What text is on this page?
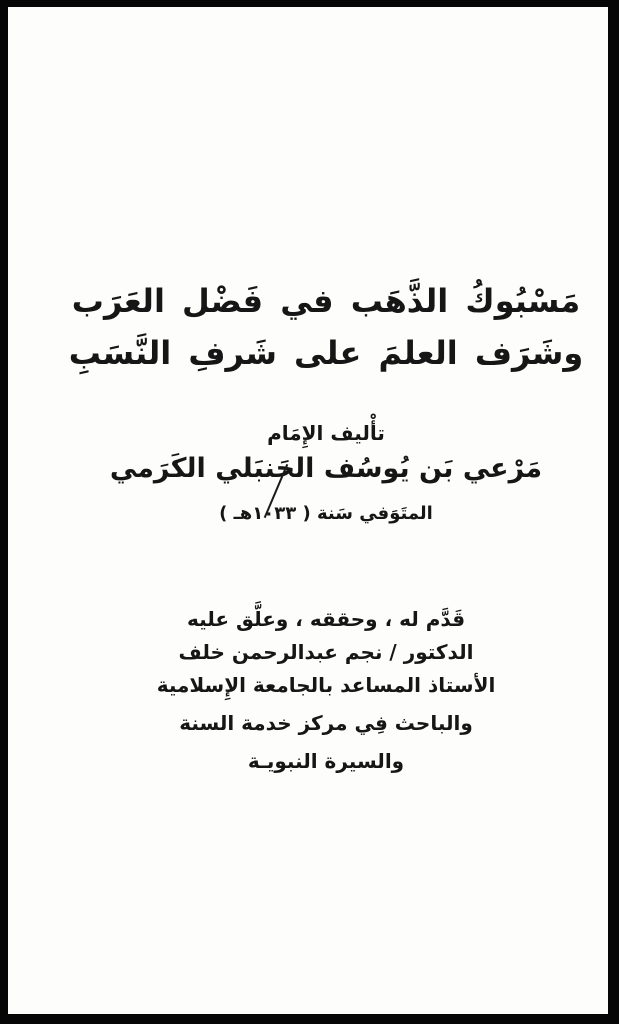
مَسْبُوكُ الذَّهَب في فَضْل العَرَب
وشَرَف العلمَ على شَرفِ النَّسَبِ
تأْليف الإِمَام
مَرْعي بَن يُوسُف الحَنبَلي الكَرَمي
المتَوَفي سَنة ( ١٠٣٣هـ )
قَدَّم له ، وحققه ، وعلَّق عليه
الدكتور / نجم عبدالرحمن خلف
الأستاذ المساعد بالجامعة الإِسلامية
والباحث فِي مركز خدمة السنة
والسيرة النبويـة
